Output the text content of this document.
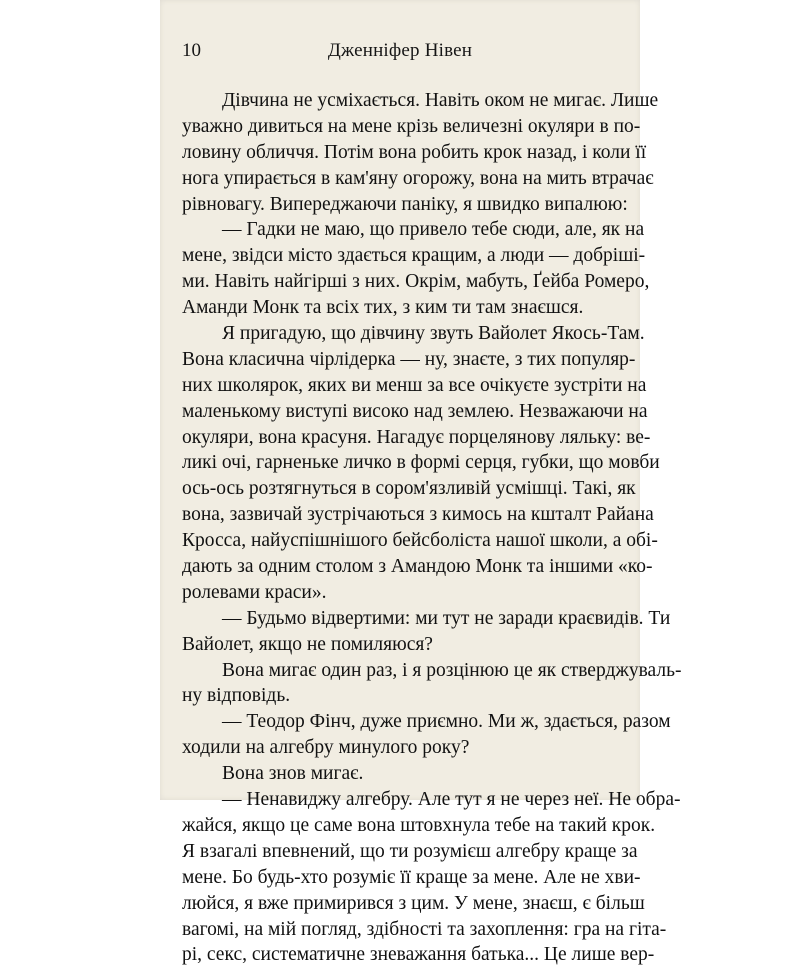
10	Дженніфер Нівен
Дівчина не усміхається. Навіть оком не мигає. Лише
уважно дивиться на мене крізь величезні окуляри в по-
ловину обличчя. Потім вона робить крок назад, і коли її
нога упирається в кам'яну огорожу, вона на мить втрачає
рівновагу. Випереджаючи паніку, я швидко випалюю:
— Гадки не маю, що привело тебе сюди, але, як на
мене, звідси місто здається кращим, а люди — добріші-
ми. Навіть найгірші з них. Окрім, мабуть, Ґейба Ромеро,
Аманди Монк та всіх тих, з ким ти там знаєшся.
Я пригадую, що дівчину звуть Вайолет Якось-Там.
Вона класична чірлідерка — ну, знаєте, з тих популяр-
них школярок, яких ви менш за все очікуєте зустріти на
маленькому виступі високо над землею. Незважаючи на
окуляри, вона красуня. Нагадує порцелянову ляльку: ве-
ликі очі, гарненьке личко в формі серця, губки, що мовби
ось-ось розтягнуться в сором'язливій усмішці. Такі, як
вона, зазвичай зустрічаються з кимось на кшталт Райана
Кросса, найуспішнішого бейсболіста нашої школи, а обі-
дають за одним столом з Амандою Монк та іншими «ко-
ролевами краси».
— Будьмо відвертими: ми тут не заради краєвидів. Ти
Вайолет, якщо не помиляюся?
Вона мигає один раз, і я розцінюю це як стверджуваль-
ну відповідь.
— Теодор Фінч, дуже приємно. Ми ж, здається, разом
ходили на алгебру минулого року?
Вона знов мигає.
— Ненавиджу алгебру. Але тут я не через неї. Не обра-
жайся, якщо це саме вона штовхнула тебе на такий крок.
Я взагалі впевнений, що ти розумієш алгебру краще за
мене. Бо будь-хто розуміє її краще за мене. Але не хви-
люйся, я вже примирився з цим. У мене, знаєш, є більш
вагомі, на мій погляд, здібності та захоплення: гра на гіта-
рі, секс, систематичне зневажання батька... Це лише вер-
